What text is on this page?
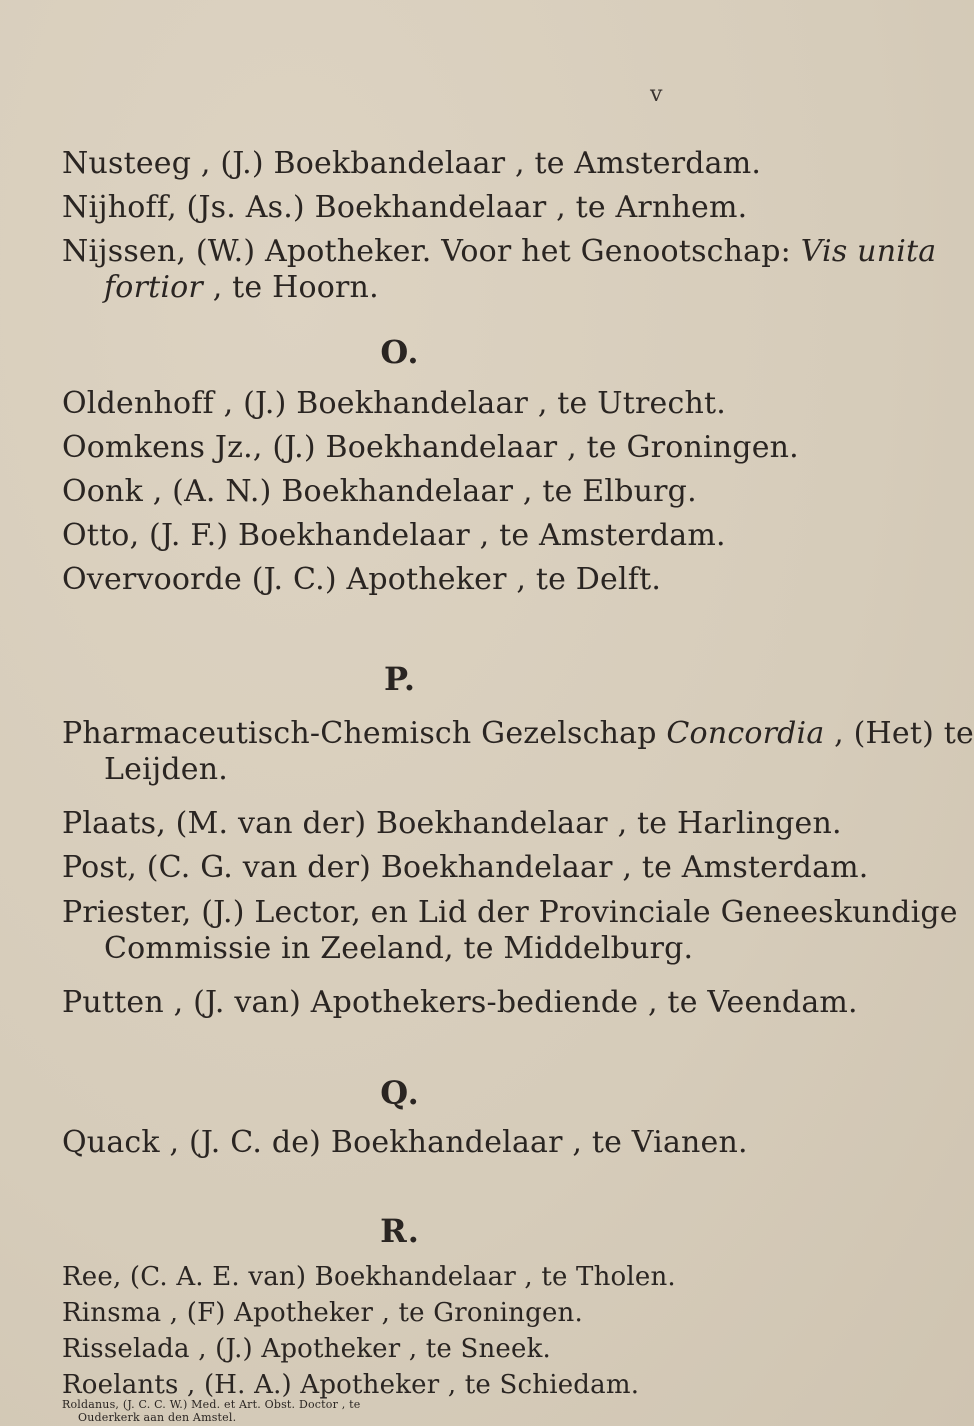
v
Nusteeg , (J.) Boekbandelaar , te Amsterdam.
Nijhoff, (Js. As.) Boekhandelaar , te Arnhem.
Nijssen, (W.) Apotheker. Voor het Genootschap: Vis unita
fortior , te Hoorn.
O.
Oldenhoff , (J.) Boekhandelaar , te Utrecht.
Oomkens Jz., (J.) Boekhandelaar , te Groningen.
Oonk , (A. N.) Boekhandelaar , te Elburg.
Otto, (J. F.) Boekhandelaar , te Amsterdam.
Overvoorde (J. C.) Apotheker , te Delft.
P.
Pharmaceutisch-Chemisch Gezelschap Concordia , (Het) te
Leijden.
Plaats, (M. van der) Boekhandelaar , te Harlingen.
Post, (C. G. van der) Boekhandelaar , te Amsterdam.
Priester, (J.) Lector, en Lid der Provinciale Geneeskundige
Commissie in Zeeland, te Middelburg.
Putten , (J. van) Apothekers-bediende , te Veendam.
Q.
Quack , (J. C. de) Boekhandelaar , te Vianen.
R.
Ree, (C. A. E. van) Boekhandelaar , te Tholen.
Rinsma , (F) Apotheker , te Groningen.
Risselada , (J.) Apotheker , te Sneek.
Roelants , (H. A.) Apotheker , te Schiedam.
Roldanus, (J. C. C. W.) Med. et Art. Obst. Doctor , te
Ouderkerk aan den Amstel.
